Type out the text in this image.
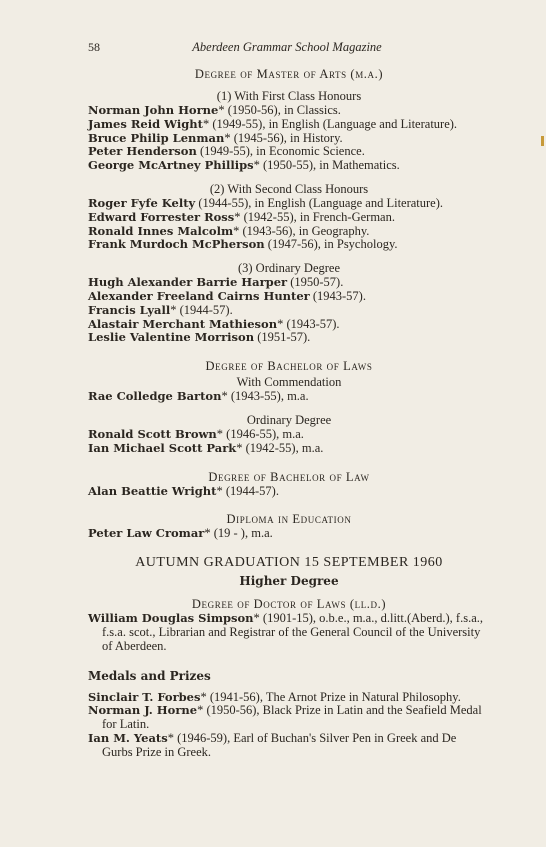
58	Aberdeen Grammar School Magazine
Degree of Master of Arts (m.a.)
(1) With First Class Honours
Norman John Horne* (1950-56), in Classics.
James Reid Wight* (1949-55), in English (Language and Literature).
Bruce Philip Lenman* (1945-56), in History.
Peter Henderson (1949-55), in Economic Science.
George McArtney Phillips* (1950-55), in Mathematics.
(2) With Second Class Honours
Roger Fyfe Kelty (1944-55), in English (Language and Literature).
Edward Forrester Ross* (1942-55), in French-German.
Ronald Innes Malcolm* (1943-56), in Geography.
Frank Murdoch McPherson (1947-56), in Psychology.
(3) Ordinary Degree
Hugh Alexander Barrie Harper (1950-57).
Alexander Freeland Cairns Hunter (1943-57).
Francis Lyall* (1944-57).
Alastair Merchant Mathieson* (1943-57).
Leslie Valentine Morrison (1951-57).
Degree of Bachelor of Laws
With Commendation
Rae Colledge Barton* (1943-55), m.a.
Ordinary Degree
Ronald Scott Brown* (1946-55), m.a.
Ian Michael Scott Park* (1942-55), m.a.
Degree of Bachelor of Law
Alan Beattie Wright* (1944-57).
Diploma in Education
Peter Law Cromar* (19 - ), m.a.
AUTUMN GRADUATION 15 SEPTEMBER 1960
Higher Degree
Degree of Doctor of Laws (ll.d.)
William Douglas Simpson* (1901-15), o.b.e., m.a., d.litt.(Aberd.), f.s.a., f.s.a. scot., Librarian and Registrar of the General Council of the University of Aberdeen.
Medals and Prizes
Sinclair T. Forbes* (1941-56), The Arnot Prize in Natural Philosophy.
Norman J. Horne* (1950-56), Black Prize in Latin and the Seafield Medal for Latin.
Ian M. Yeats* (1946-59), Earl of Buchan's Silver Pen in Greek and De Gurbs Prize in Greek.
